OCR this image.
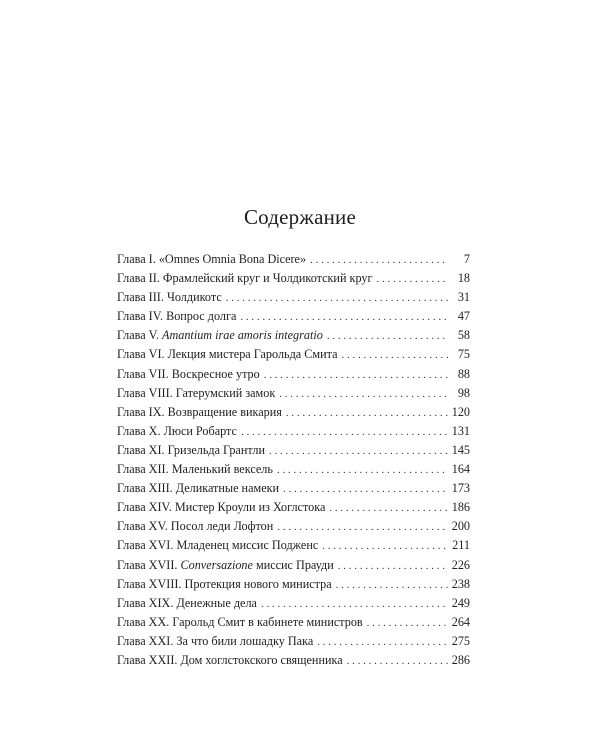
Содержание
Глава I. «Omnes Omnia Bona Dicere» . . .	7
Глава II. Фрамлейский круг и Чолдикотский круг . . .	18
Глава III. Чолдикотс . . .	31
Глава IV. Вопрос долга . . .	47
Глава V. Amantium irae amoris integratio . . .	58
Глава VI. Лекция мистера Гарольда Смита . . .	75
Глава VII. Воскресное утро . . .	88
Глава VIII. Гатерумский замок . . .	98
Глава IX. Возвращение викария . . .	120
Глава X. Люси Робартс . . .	131
Глава XI. Гризельда Грантли . . .	145
Глава XII. Маленький вексель . . .	164
Глава XIII. Деликатные намеки . . .	173
Глава XIV. Мистер Кроули из Хоглстока . . .	186
Глава XV. Посол леди Лофтон . . .	200
Глава XVI. Младенец миссис Подженс . . .	211
Глава XVII. Conversazione миссис Прауди . . .	226
Глава XVIII. Протекция нового министра . . .	238
Глава XIX. Денежные дела . . .	249
Глава XX. Гарольд Смит в кабинете министров . . .	264
Глава XXI. За что били лошадку Пака . . .	275
Глава XXII. Дом хоглстокского священника . . .	286
